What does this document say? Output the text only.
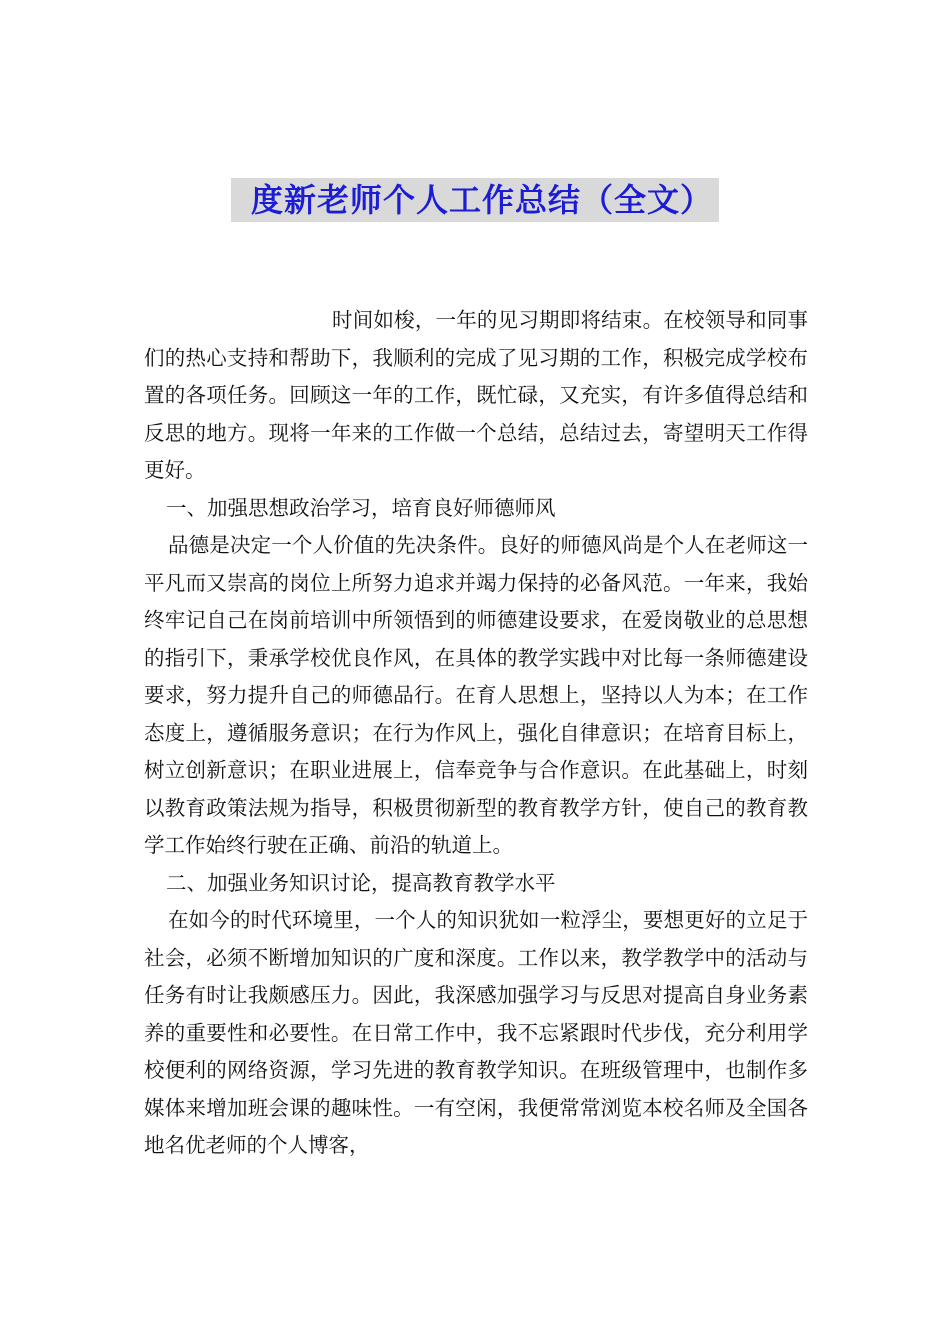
度新老师个人工作总结（全文）

时间如梭，一年的见习期即将结束。在校领导和同事们的热心支持和帮助下，我顺利的完成了见习期的工作，积极完成学校布置的各项任务。回顾这一年的工作，既忙碌，又充实，有许多值得总结和反思的地方。现将一年来的工作做一个总结，总结过去，寄望明天工作得更好。

一、加强思想政治学习，培育良好师德师风

品德是决定一个人价值的先决条件。良好的师德风尚是个人在老师这一平凡而又崇高的岗位上所努力追求并竭力保持的必备风范。一年来，我始终牢记自己在岗前培训中所领悟到的师德建设要求，在爱岗敬业的总思想的指引下，秉承学校优良作风，在具体的教学实践中对比每一条师德建设要求，努力提升自己的师德品行。在育人思想上，坚持以人为本；在工作态度上，遵循服务意识；在行为作风上，强化自律意识；在培育目标上，树立创新意识；在职业进展上，信奉竞争与合作意识。在此基础上，时刻以教育政策法规为指导，积极贯彻新型的教育教学方针，使自己的教育教学工作始终行驶在正确、前沿的轨道上。

二、加强业务知识讨论，提高教育教学水平

在如今的时代环境里，一个人的知识犹如一粒浮尘，要想更好的立足于社会，必须不断增加知识的广度和深度。工作以来，教学教学中的活动与任务有时让我颇感压力。因此，我深感加强学习与反思对提高自身业务素养的重要性和必要性。在日常工作中，我不忘紧跟时代步伐，充分利用学校便利的网络资源，学习先进的教育教学知识。在班级管理中，也制作多媒体来增加班会课的趣味性。一有空闲，我便常常浏览本校名师及全国各地名优老师的个人博客，
